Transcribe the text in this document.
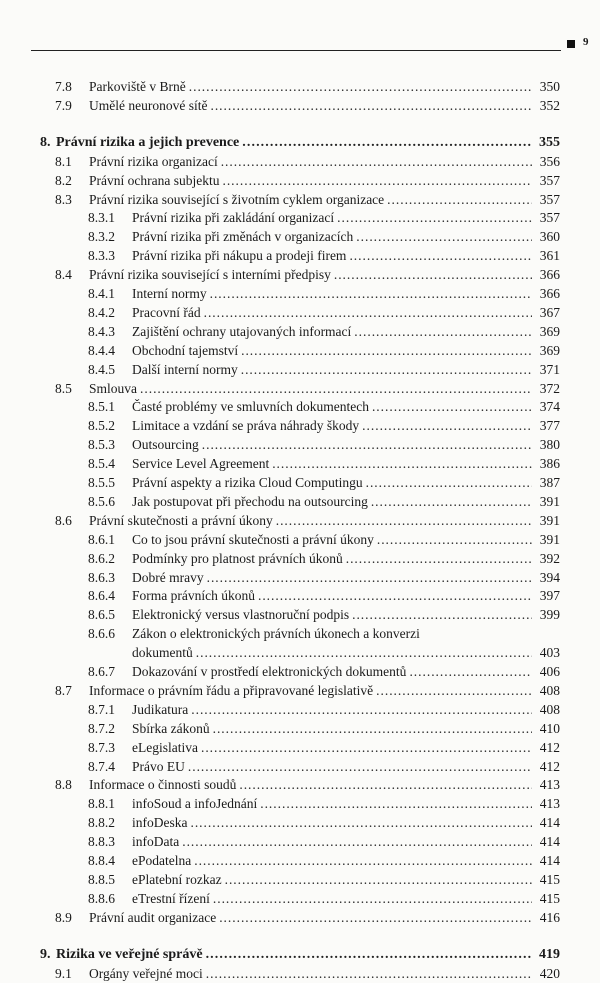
9
7.8 Parkoviště v Brně . . .	350
7.9 Umělé neuronové sítě . . .	352
8. Právní rizika a jejich prevence . . .	355
8.1 Právní rizika organizací . . .	356
8.2 Právní ochrana subjektu . . .	357
8.3 Právní rizika související s životním cyklem organizace . . .	357
8.3.1 Právní rizika při zakládání organizací . . .	357
8.3.2 Právní rizika při změnách v organizacích . . .	360
8.3.3 Právní rizika při nákupu a prodeji firem . . .	361
8.4 Právní rizika související s interními předpisy . . .	366
8.4.1 Interní normy . . .	366
8.4.2 Pracovní řád . . .	367
8.4.3 Zajištění ochrany utajovaných informací . . .	369
8.4.4 Obchodní tajemství . . .	369
8.4.5 Další interní normy . . .	371
8.5 Smlouva . . .	372
8.5.1 Časté problémy ve smluvních dokumentech . . .	374
8.5.2 Limitace a vzdání se práva náhrady škody . . .	377
8.5.3 Outsourcing . . .	380
8.5.4 Service Level Agreement . . .	386
8.5.5 Právní aspekty a rizika Cloud Computingu . . .	387
8.5.6 Jak postupovat při přechodu na outsourcing . . .	391
8.6 Právní skutečnosti a právní úkony . . .	391
8.6.1 Co to jsou právní skutečnosti a právní úkony . . .	391
8.6.2 Podmínky pro platnost právních úkonů . . .	392
8.6.3 Dobré mravy . . .	394
8.6.4 Forma právních úkonů . . .	397
8.6.5 Elektronický versus vlastnoruční podpis . . .	399
8.6.6 Zákon o elektronických právních úkonech a konverzi
dokumentů . . .	403
8.6.7 Dokazování v prostředí elektronických dokumentů . . .	406
8.7 Informace o právním řádu a připravované legislativě . . .	408
8.7.1 Judikatura . . .	408
8.7.2 Sbírka zákonů . . .	410
8.7.3 eLegislativa . . .	412
8.7.4 Právo EU . . .	412
8.8 Informace o činnosti soudů . . .	413
8.8.1 infoSoud a infoJednání . . .	413
8.8.2 infoDeska . . .	414
8.8.3 infoData . . .	414
8.8.4 ePodatelna . . .	414
8.8.5 ePlatební rozkaz . . .	415
8.8.6 eTrestní řízení . . .	415
8.9 Právní audit organizace . . .	416
9. Rizika ve veřejné správě . . .	419
9.1 Orgány veřejné moci . . .	420
